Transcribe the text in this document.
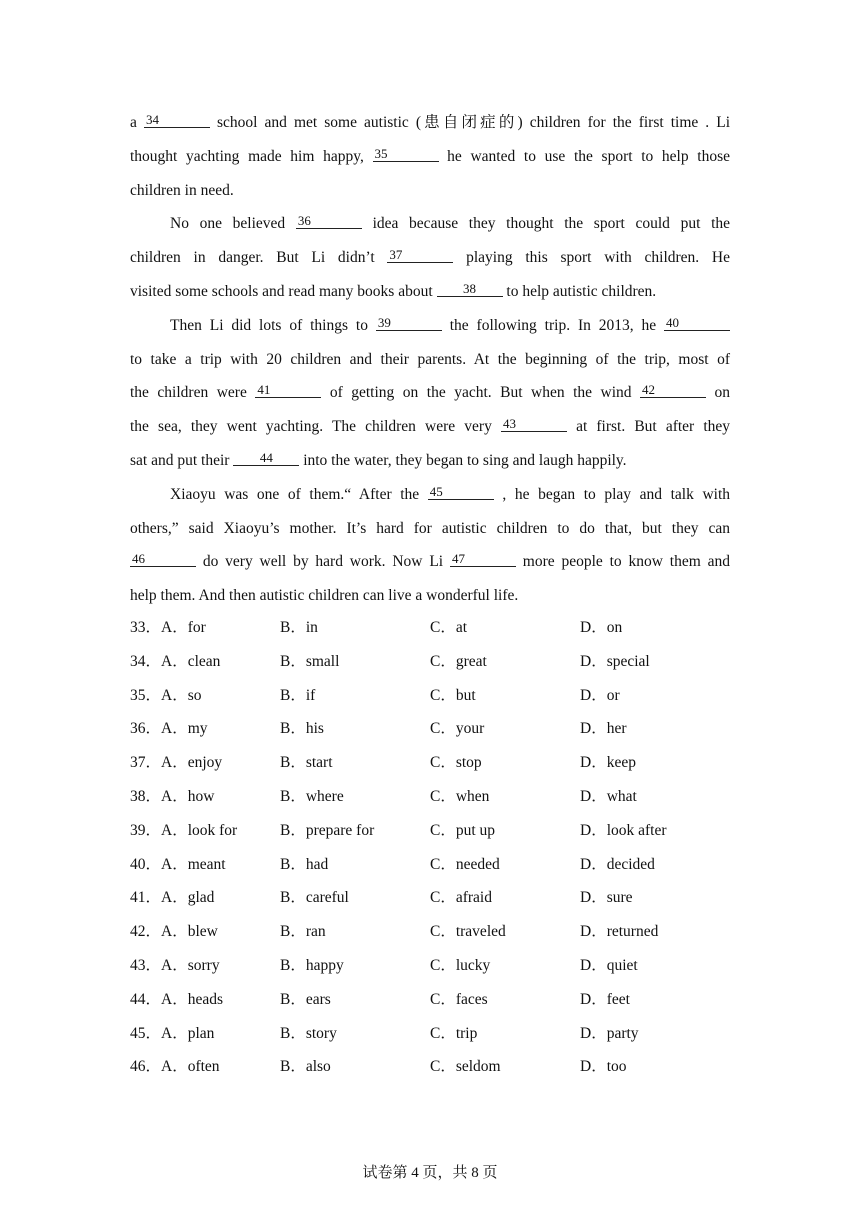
a 34	school and met some autistic (患自闭症的) children for the first time . Li
thought yachting made him happy, 35	he wanted to use the sport to help those
children in need.
No one believed 36	idea because they thought the sport could put the
children in danger. But Li didn’t 37	playing this sport with children. He
visited some schools and read many books about 38 to help autistic children.
Then Li did lots of things to 39	the following trip. In 2013, he 40
to take a trip with 20 children and their parents. At the beginning of the trip, most of
the children were 41	of getting on the yacht. But when the wind 42	on
the sea, they went yachting. The children were very 43	at first. But after they
sat and put their 44 into the water, they began to sing and laugh happily.
Xiaoyu was one of them.“ After the 45	, he began to play and talk with
others,” said Xiaoyu’s mother. It’s hard for autistic children to do that, but they can
46	do very well by hard work. Now Li 47	more people to know them and
help them. And then autistic children can live a wonderful life.
33．A．for	B．in	C．at	D．on
34．A．clean	B．small	C．great	D．special
35．A．so	B．if	C．but	D．or
36．A．my	B．his	C．your	D．her
37．A．enjoy	B．start	C．stop	D．keep
38．A．how	B．where	C．when	D．what
39．A．look for	B．prepare for	C．put up	D．look after
40．A．meant	B．had	C．needed	D．decided
41．A．glad	B．careful	C．afraid	D．sure
42．A．blew	B．ran	C．traveled	D．returned
43．A．sorry	B．happy	C．lucky	D．quiet
44．A．heads	B．ears	C．faces	D．feet
45．A．plan	B．story	C．trip	D．party
46．A．often	B．also	C．seldom	D．too
试卷第 4 页，共 8 页
